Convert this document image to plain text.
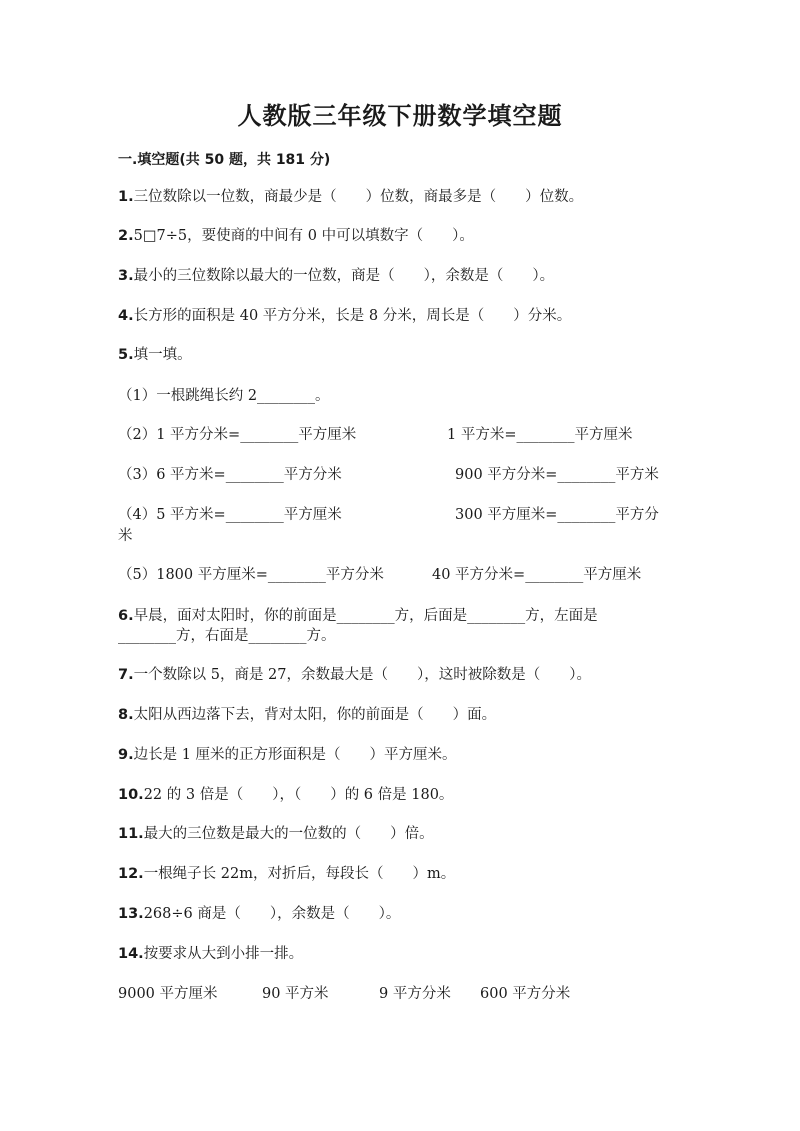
人教版三年级下册数学填空题
一.填空题(共 50 题，共 181 分)
1.三位数除以一位数，商最少是（　　）位数，商最多是（　　）位数。
2.5□7÷5，要使商的中间有 0 中可以填数字（　　）。
3.最小的三位数除以最大的一位数，商是（　　），余数是（　　）。
4.长方形的面积是 40 平方分米，长是 8 分米，周长是（　　）分米。
5.填一填。
（1）一根跳绳长约 2________。
（2）1 平方分米=________平方厘米	1 平方米=________平方厘米
（3）6 平方米=________平方分米	900 平方分米=________平方米
（4）5 平方米=________平方厘米	300 平方厘米=________平方分
米
（5）1800 平方厘米=________平方分米	40 平方分米=________平方厘米
6.早晨，面对太阳时，你的前面是________方，后面是________方，左面是
________方，右面是________方。
7.一个数除以 5，商是 27，余数最大是（　　），这时被除数是（　　）。
8.太阳从西边落下去，背对太阳，你的前面是（　　）面。
9.边长是 1 厘米的正方形面积是（　　）平方厘米。
10.22 的 3 倍是（　　），（　　）的 6 倍是 180。
11.最大的三位数是最大的一位数的（　　）倍。
12.一根绳子长 22m，对折后，每段长（　　）m。
13.268÷6 商是（　　），余数是（　　）。
14.按要求从大到小排一排。
9000 平方厘米	90 平方米	9 平方分米 600 平方分米
